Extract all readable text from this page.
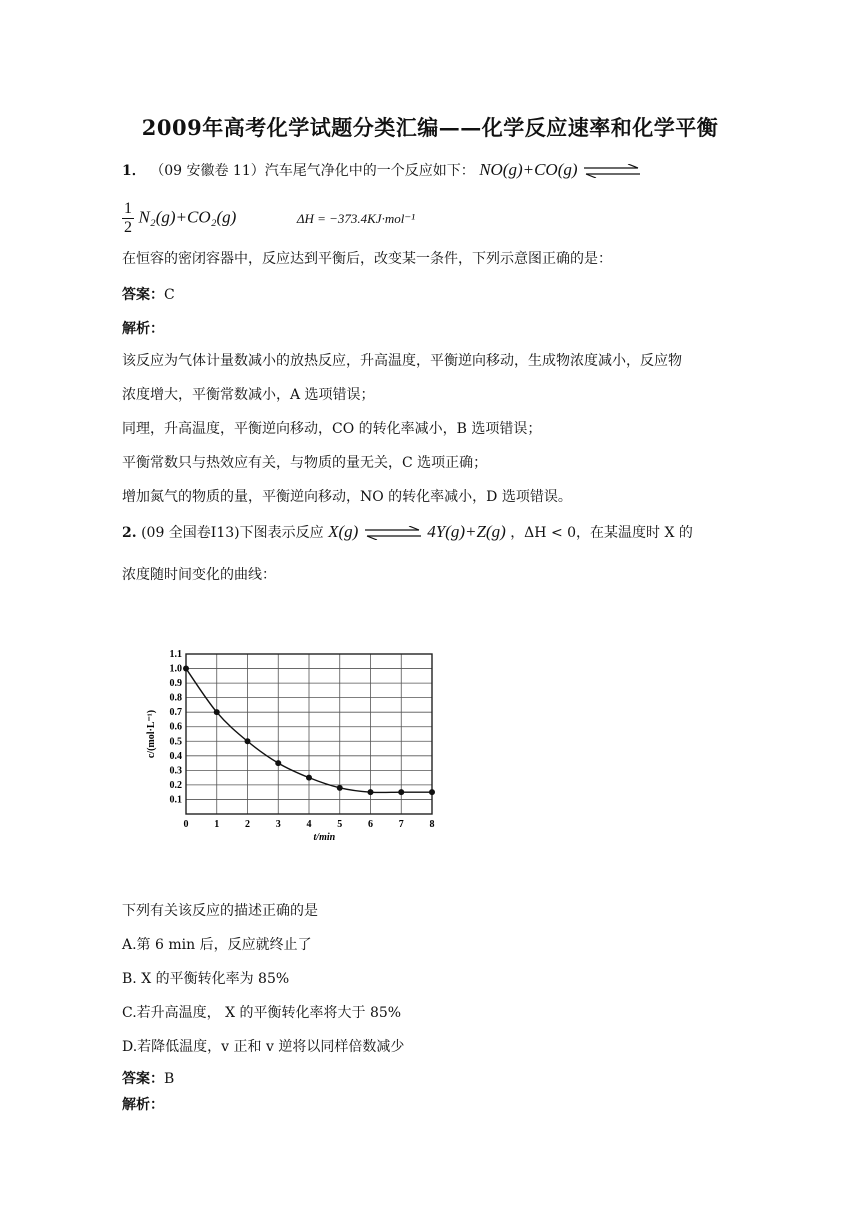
2009年高考化学试题分类汇编——化学反应速率和化学平衡
1． （09 安徽卷 11）汽车尾气净化中的一个反应如下： NO(g)+CO(g)
$\frac{1}{2} N_2(g)+CO_2(g)$	ΔH = −373.4KJ·mol⁻¹
在恒容的密闭容器中，反应达到平衡后，改变某一条件，下列示意图正确的是：
答案：C
解析：
该反应为气体计量数减小的放热反应，升高温度，平衡逆向移动，生成物浓度减小，反应物
浓度增大，平衡常数减小，A 选项错误；
同理，升高温度，平衡逆向移动，CO 的转化率减小，B 选项错误；
平衡常数只与热效应有关，与物质的量无关，C 选项正确；
增加氮气的物质的量，平衡逆向移动，NO 的转化率减小，D 选项错误。
2. (09 全国卷Ⅰ13)下图表示反应 X(g)	4Y(g)+Z(g) ，ΔH < 0，在某温度时 X 的
浓度随时间变化的曲线：
0.1
0.2
0.3
0.4
0.5
0.6
0.7
0.8
0.9
1.0
1.1
0	1	2	3	4	5	6	7	8
t/min
c/(mol·L⁻¹)
下列有关该反应的描述正确的是
A.第 6 min 后，反应就终止了
B. X 的平衡转化率为 85%
C.若升高温度， X 的平衡转化率将大于 85%
D.若降低温度，v 正和 v 逆将以同样倍数减少
答案：B
解析：
